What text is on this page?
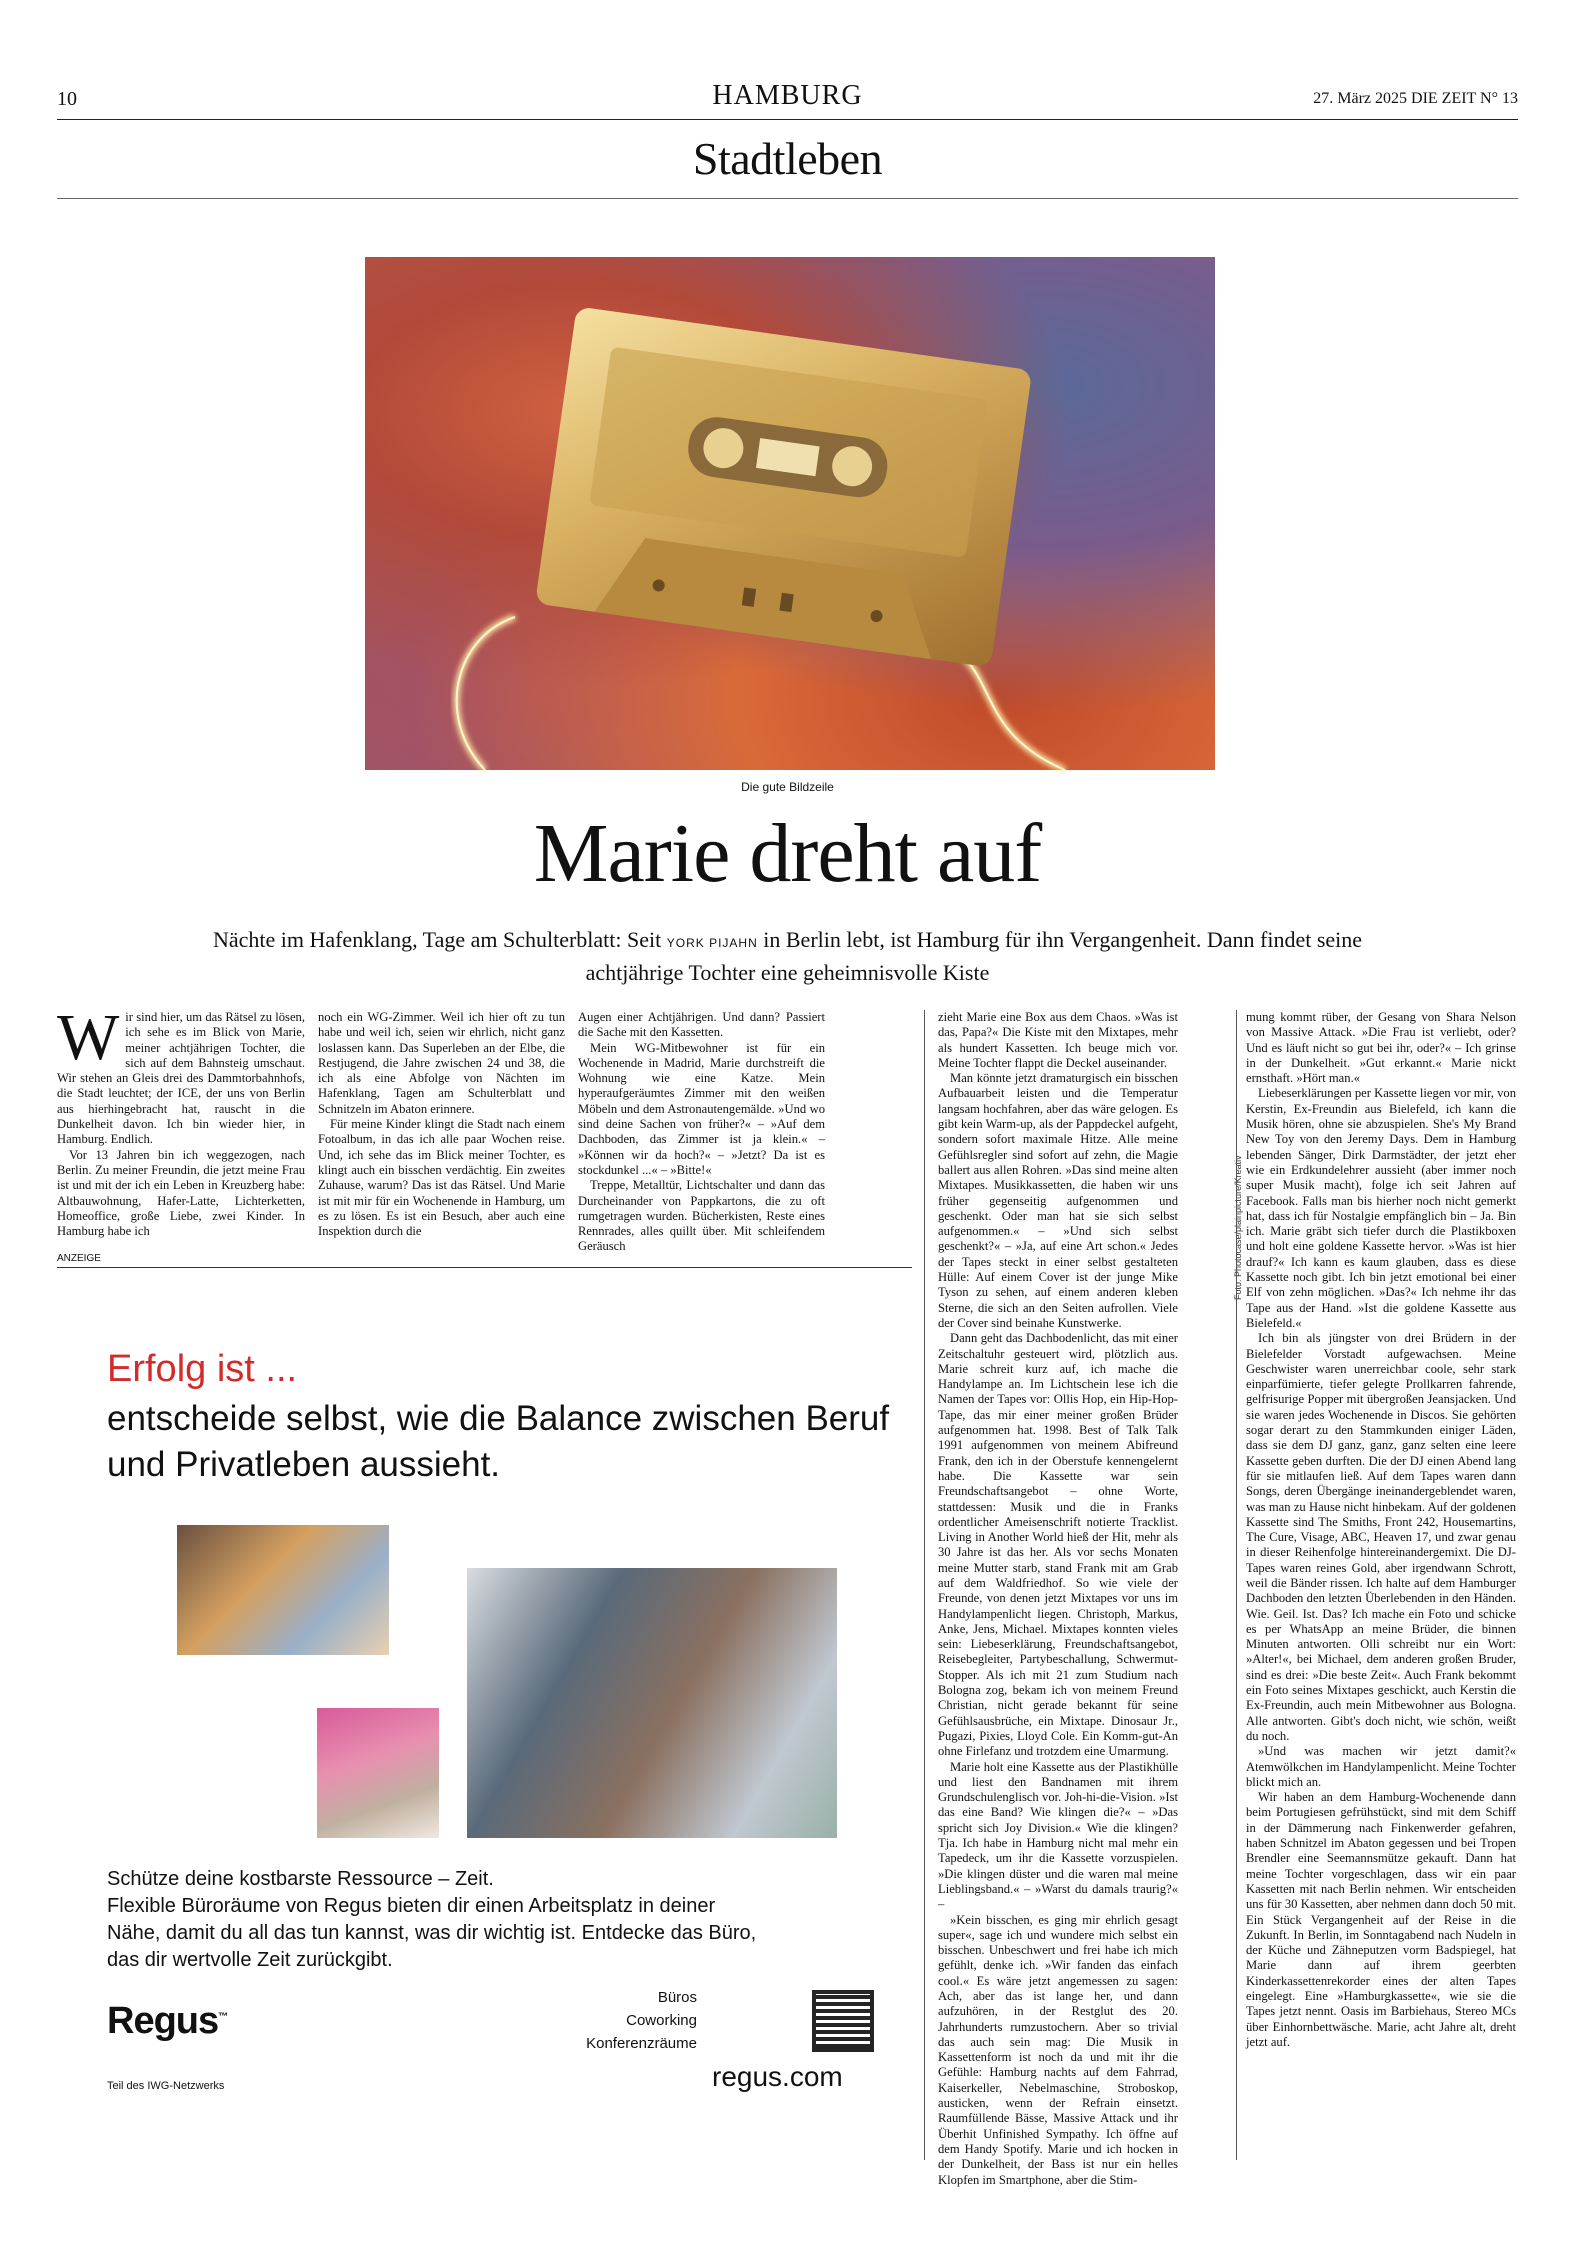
10	HAMBURG	27. März 2025 DIE ZEIT N° 13
Stadtleben
Foto: Photocase/plainpicture/Kreativ
Die gute Bildzeile
Marie dreht auf
Nächte im Hafenklang, Tage am Schulterblatt: Seit YORK PIJAHN in Berlin lebt, ist Hamburg für ihn Vergangenheit. Dann findet seine achtjährige Tochter eine geheimnisvolle Kiste
W ir sind hier, um das Rätsel zu lösen, ich sehe es im Blick von Marie, meiner achtjährigen Tochter, die sich auf dem Bahnsteig umschaut. Wir stehen an Gleis drei des Dammtorbahnhofs, die Stadt leuchtet; der ICE, der uns von Berlin aus hierhingebracht hat, rauscht in die Dunkelheit davon. Ich bin wieder hier, in Hamburg. Endlich.

Vor 13 Jahren bin ich weggezogen, nach Berlin. Zu meiner Freundin, die jetzt meine Frau ist und mit der ich ein Leben in Kreuzberg habe: Altbauwohnung, Hafer-Latte, Lichterketten, Homeoffice, große Liebe, zwei Kinder. In Hamburg habe ich

noch ein WG-Zimmer. Weil ich hier oft zu tun habe und weil ich, seien wir ehrlich, nicht ganz loslassen kann. Das Superleben an der Elbe, die Restjugend, die Jahre zwischen 24 und 38, die ich als eine Abfolge von Nächten im Hafenklang, Tagen am Schulterblatt und Schnitzeln im Abaton erinnere.

Für meine Kinder klingt die Stadt nach einem Fotoalbum, in das ich alle paar Wochen reise. Und, ich sehe das im Blick meiner Tochter, es klingt auch ein bisschen verdächtig. Ein zweites Zuhause, warum? Das ist das Rätsel. Und Marie ist mit mir für ein Wochenende in Hamburg, um es zu lösen. Es ist ein Besuch, aber auch eine Inspektion durch die

Augen einer Achtjährigen. Und dann? Passiert die Sache mit den Kassetten.

Mein WG-Mitbewohner ist für ein Wochenende in Madrid, Marie durchstreift die Wohnung wie eine Katze. Mein hyperaufgeräumtes Zimmer mit den weißen Möbeln und dem Astronautengemälde. »Und wo sind deine Sachen von früher?« – »Auf dem Dachboden, das Zimmer ist ja klein.« – »Können wir da hoch?« – »Jetzt? Da ist es stockdunkel ...« – »Bitte!«

Treppe, Metalltür, Lichtschalter und dann das Durcheinander von Pappkartons, die zu oft rumgetragen wurden. Bücherkisten, Reste eines Rennrades, alles quillt über. Mit schleifendem Geräusch

zieht Marie eine Box aus dem Chaos. »Was ist das, Papa?« Die Kiste mit den Mixtapes, mehr als hundert Kassetten. Ich beuge mich vor. Meine Tochter flappt die Deckel auseinander.

Man könnte jetzt dramaturgisch ein bisschen Aufbauarbeit leisten und die Temperatur langsam hochfahren, aber das wäre gelogen. Es gibt kein Warm-up, als der Pappdeckel aufgeht, sondern sofort maximale Hitze. Alle meine Gefühlsregler sind sofort auf zehn, die Magie ballert aus allen Rohren. »Das sind meine alten Mixtapes. Musikkassetten, die haben wir uns früher gegenseitig aufgenommen und geschenkt. Oder man hat sie sich selbst aufgenommen.« – »Und sich selbst geschenkt?« – »Ja, auf eine Art schon.« Jedes der Tapes steckt in einer selbst gestalteten Hülle: Auf einem Cover ist der junge Mike Tyson zu sehen, auf einem anderen kleben Sterne, die sich an den Seiten aufrollen. Viele der Cover sind beinahe Kunstwerke.

Dann geht das Dachbodenlicht, das mit einer Zeitschaltuhr gesteuert wird, plötzlich aus. Marie schreit kurz auf, ich mache die Handylampe an. Im Lichtschein lese ich die Namen der Tapes vor: Ollis Hop, ein Hip-Hop-Tape, das mir einer meiner großen Brüder aufgenommen hat. 1998. Best of Talk Talk 1991 aufgenommen von meinem Abifreund Frank, den ich in der Oberstufe kennengelernt habe. Die Kassette war sein Freundschaftsangebot – ohne Worte, stattdessen: Musik und die in Franks ordentlicher Ameisenschrift notierte Tracklist. Living in Another World hieß der Hit, mehr als 30 Jahre ist das her. Als vor sechs Monaten meine Mutter starb, stand Frank mit am Grab auf dem Waldfriedhof. So wie viele der Freunde, von denen jetzt Mixtapes vor uns im Handylampenlicht liegen. Christoph, Markus, Anke, Jens, Michael. Mixtapes konnten vieles sein: Liebeserklärung, Freundschaftsangebot, Reisebegleiter, Partybeschallung, Schwermut-Stopper. Als ich mit 21 zum Studium nach Bologna zog, bekam ich von meinem Freund Christian, nicht gerade bekannt für seine Gefühlsausbrüche, ein Mixtape. Dinosaur Jr., Pugazi, Pixies, Lloyd Cole. Ein Komm-gut-An ohne Firlefanz und trotzdem eine Umarmung.

Marie holt eine Kassette aus der Plastikhülle und liest den Bandnamen mit ihrem Grundschulenglisch vor. Joh-hi-die-Vision. »Ist das eine Band? Wie klingen die?« – »Das spricht sich Joy Division.« Wie die klingen? Tja. Ich habe in Hamburg nicht mal mehr ein Tapedeck, um ihr die Kassette vorzuspielen. »Die klingen düster und die waren mal meine Lieblingsband.« – »Warst du damals traurig?« –

»Kein bisschen, es ging mir ehrlich gesagt super«, sage ich und wundere mich selbst ein bisschen. Unbeschwert und frei habe ich mich gefühlt, denke ich. »Wir fanden das einfach cool.« Es wäre jetzt angemessen zu sagen: Ach, aber das ist lange her, und dann aufzuhören, in der Restglut des 20. Jahrhunderts rumzustochern. Aber so trivial das auch sein mag: Die Musik in Kassettenform ist noch da und mit ihr die Gefühle: Hamburg nachts auf dem Fahrrad, Kaiserkeller, Nebelmaschine, Stroboskop, austicken, wenn der Refrain einsetzt. Raumfüllende Bässe, Massive Attack und ihr Überhit Unfinished Sympathy. Ich öffne auf dem Handy Spotify. Marie und ich hocken in der Dunkelheit, der Bass ist nur ein helles Klopfen im Smartphone, aber die Stim-

mung kommt rüber, der Gesang von Shara Nelson von Massive Attack. »Die Frau ist verliebt, oder? Und es läuft nicht so gut bei ihr, oder?« – Ich grinse in der Dunkelheit. »Gut erkannt.« Marie nickt ernsthaft. »Hört man.«

Liebeserklärungen per Kassette liegen vor mir, von Kerstin, Ex-Freundin aus Bielefeld, ich kann die Musik hören, ohne sie abzuspielen. She's My Brand New Toy von den Jeremy Days. Dem in Hamburg lebenden Sänger, Dirk Darmstädter, der jetzt eher wie ein Erdkundelehrer aussieht (aber immer noch super Musik macht), folge ich seit Jahren auf Facebook. Falls man bis hierher noch nicht gemerkt hat, dass ich für Nostalgie empfänglich bin – Ja. Bin ich. Marie gräbt sich tiefer durch die Plastikboxen und holt eine goldene Kassette hervor. »Was ist hier drauf?« Ich kann es kaum glauben, dass es diese Kassette noch gibt. Ich bin jetzt emotional bei einer Elf von zehn möglichen. »Das?« Ich nehme ihr das Tape aus der Hand. »Ist die goldene Kassette aus Bielefeld.«

Ich bin als jüngster von drei Brüdern in der Bielefelder Vorstadt aufgewachsen. Meine Geschwister waren unerreichbar coole, sehr stark einparfümierte, tiefer gelegte Prollkarren fahrende, gelfrisurige Popper mit übergroßen Jeansjacken. Und sie waren jedes Wochenende in Discos. Sie gehörten sogar derart zu den Stammkunden einiger Läden, dass sie dem DJ ganz, ganz, ganz selten eine leere Kassette geben durften. Die der DJ einen Abend lang für sie mitlaufen ließ. Auf dem Tapes waren dann Songs, deren Übergänge ineinandergeblendet waren, was man zu Hause nicht hinbekam. Auf der goldenen Kassette sind The Smiths, Front 242, Housemartins, The Cure, Visage, ABC, Heaven 17, und zwar genau in dieser Reihenfolge hintereinandergemixt. Die DJ-Tapes waren reines Gold, aber irgendwann Schrott, weil die Bänder rissen. Ich halte auf dem Hamburger Dachboden den letzten Überlebenden in den Händen. Wie. Geil. Ist. Das? Ich mache ein Foto und schicke es per WhatsApp an meine Brüder, die binnen Minuten antworten. Olli schreibt nur ein Wort: »Alter!«, bei Michael, dem anderen großen Bruder, sind es drei: »Die beste Zeit«. Auch Frank bekommt ein Foto seines Mixtapes geschickt, auch Kerstin die Ex-Freundin, auch mein Mitbewohner aus Bologna. Alle antworten. Gibt's doch nicht, wie schön, weißt du noch.

»Und was machen wir jetzt damit?« Atemwölkchen im Handylampenlicht. Meine Tochter blickt mich an.

Wir haben an dem Hamburg-Wochenende dann beim Portugiesen gefrühstückt, sind mit dem Schiff in der Dämmerung nach Finkenwerder gefahren, haben Schnitzel im Abaton gegessen und bei Tropen Brendler eine Seemannsmütze gekauft. Dann hat meine Tochter vorgeschlagen, dass wir ein paar Kassetten mit nach Berlin nehmen. Wir entscheiden uns für 30 Kassetten, aber nehmen dann doch 50 mit. Ein Stück Vergangenheit auf der Reise in die Zukunft. In Berlin, im Sonntagabend nach Nudeln in der Küche und Zähneputzen vorm Badspiegel, hat Marie dann auf ihrem geerbten Kinderkassettenrekorder eines der alten Tapes eingelegt. Eine »Hamburgkassette«, wie sie die Tapes jetzt nennt. Oasis im Barbiehaus, Stereo MCs über Einhornbettwäsche. Marie, acht Jahre alt, dreht jetzt auf.

ANZEIGE
Erfolg ist ...
entscheide selbst, wie die Balance zwischen Beruf und Privatleben aussieht.
Schütze deine kostbarste Ressource – Zeit.
Flexible Büroräume von Regus bieten dir einen Arbeitsplatz in deiner Nähe, damit du all das tun kannst, was dir wichtig ist. Entdecke das Büro, das dir wertvolle Zeit zurückgibt.
Regus™
Teil des IWG-Netzwerks
Büros
Coworking
Konferenzräume
regus.com
